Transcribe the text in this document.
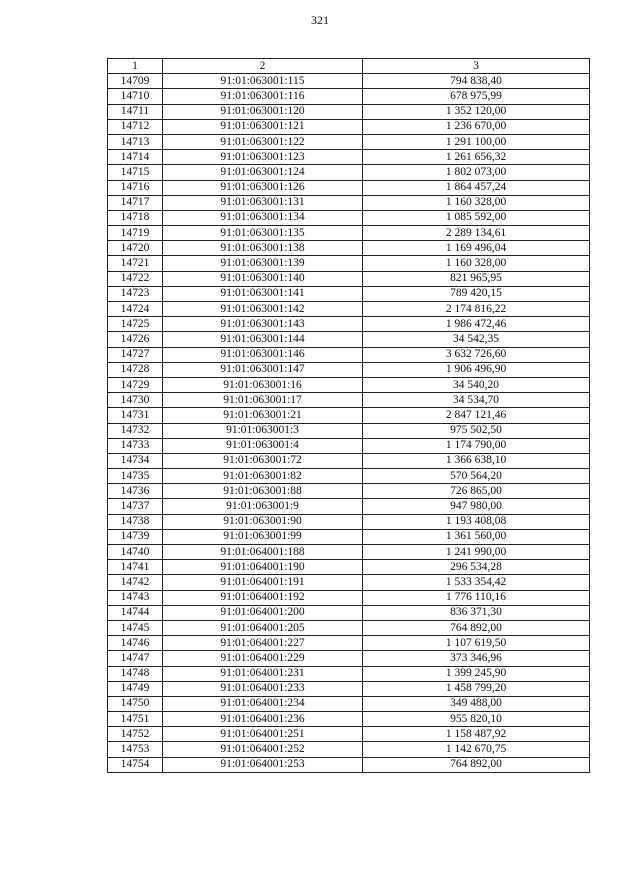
321
1	2	3
14709	91:01:063001:115	794 838,40
14710	91:01:063001:116	678 975,99
14711	91:01:063001:120	1 352 120,00
14712	91:01:063001:121	1 236 670,00
14713	91:01:063001:122	1 291 100,00
14714	91:01:063001:123	1 261 656,32
14715	91:01:063001:124	1 802 073,00
14716	91:01:063001:126	1 864 457,24
14717	91:01:063001:131	1 160 328,00
14718	91:01:063001:134	1 085 592,00
14719	91:01:063001:135	2 289 134,61
14720	91:01:063001:138	1 169 496,04
14721	91:01:063001:139	1 160 328,00
14722	91:01:063001:140	821 965,95
14723	91:01:063001:141	789 420,15
14724	91:01:063001:142	2 174 816,22
14725	91:01:063001:143	1 986 472,46
14726	91:01:063001:144	34 542,35
14727	91:01:063001:146	3 632 726,60
14728	91:01:063001:147	1 906 496,90
14729	91:01:063001:16	34 540,20
14730	91:01:063001:17	34 534,70
14731	91:01:063001:21	2 847 121,46
14732	91:01:063001:3	975 502,50
14733	91:01:063001:4	1 174 790,00
14734	91:01:063001:72	1 366 638,10
14735	91:01:063001:82	570 564,20
14736	91:01:063001:88	726 865,00
14737	91:01:063001:9	947 980,00
14738	91:01:063001:90	1 193 408,08
14739	91:01:063001:99	1 361 560,00
14740	91:01:064001:188	1 241 990,00
14741	91:01:064001:190	296 534,28
14742	91:01:064001:191	1 533 354,42
14743	91:01:064001:192	1 776 110,16
14744	91:01:064001:200	836 371,30
14745	91:01:064001:205	764 892,00
14746	91:01:064001:227	1 107 619,50
14747	91:01:064001:229	373 346,96
14748	91:01:064001:231	1 399 245,90
14749	91:01:064001:233	1 458 799,20
14750	91:01:064001:234	349 488,00
14751	91:01:064001:236	955 820,10
14752	91:01:064001:251	1 158 487,92
14753	91:01:064001:252	1 142 670,75
14754	91:01:064001:253	764 892,00
